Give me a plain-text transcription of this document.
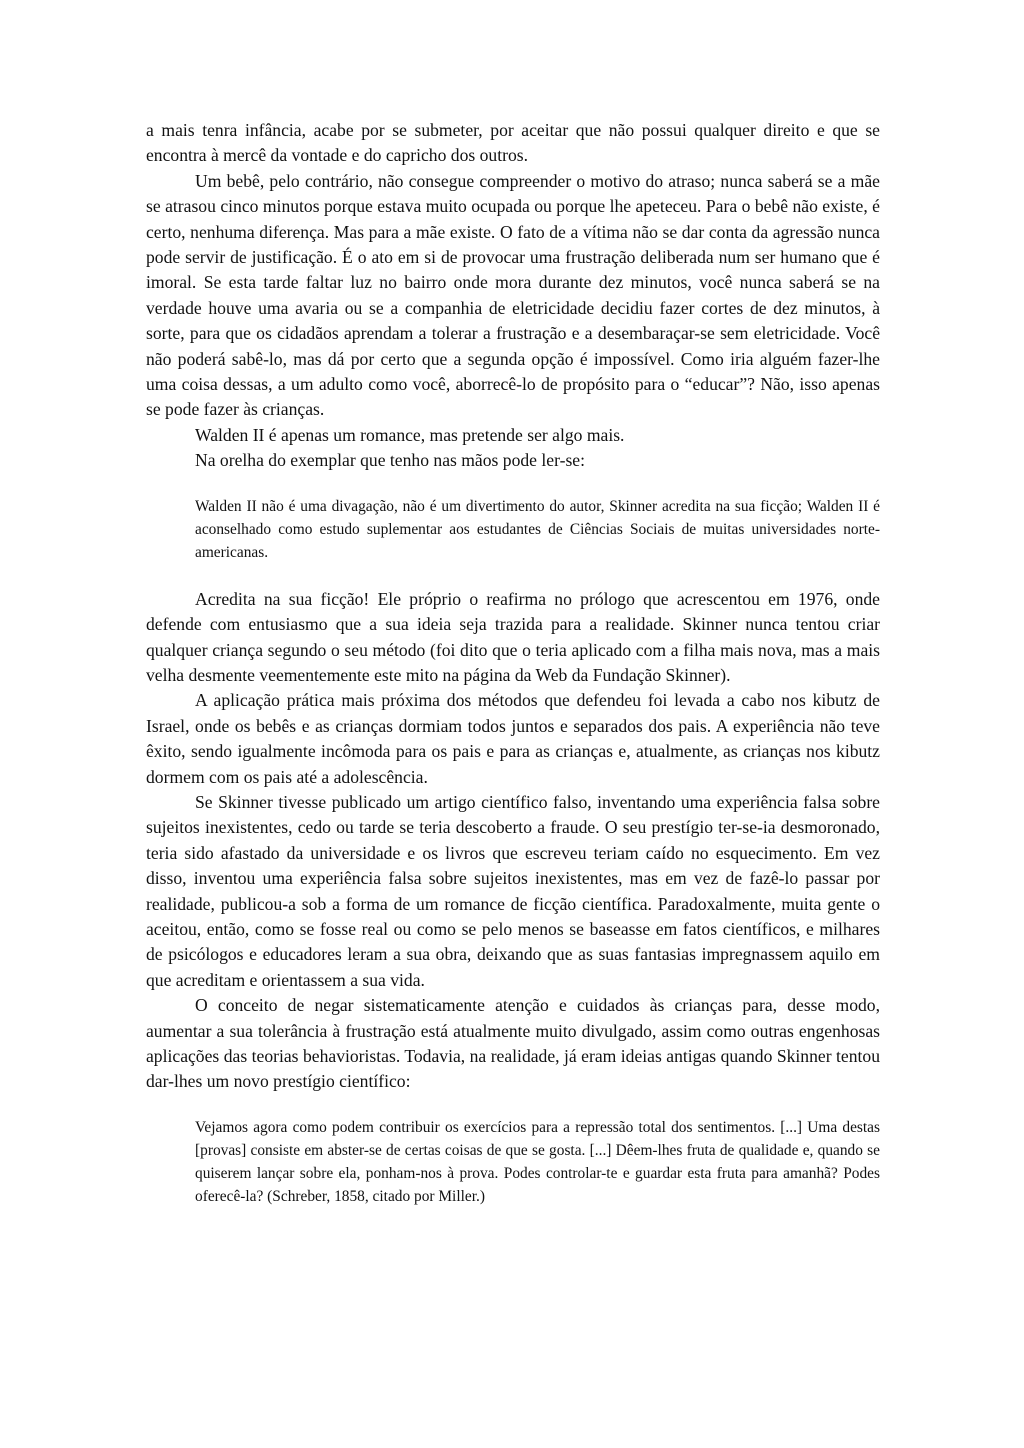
a mais tenra infância, acabe por se submeter, por aceitar que não possui qualquer direito e que se encontra à mercê da vontade e do capricho dos outros.

Um bebê, pelo contrário, não consegue compreender o motivo do atraso; nunca saberá se a mãe se atrasou cinco minutos porque estava muito ocupada ou porque lhe apeteceu. Para o bebê não existe, é certo, nenhuma diferença. Mas para a mãe existe. O fato de a vítima não se dar conta da agressão nunca pode servir de justificação. É o ato em si de provocar uma frustração deliberada num ser humano que é imoral. Se esta tarde faltar luz no bairro onde mora durante dez minutos, você nunca saberá se na verdade houve uma avaria ou se a companhia de eletricidade decidiu fazer cortes de dez minutos, à sorte, para que os cidadãos aprendam a tolerar a frustração e a desembaraçar-se sem eletricidade. Você não poderá sabê-lo, mas dá por certo que a segunda opção é impossível. Como iria alguém fazer-lhe uma coisa dessas, a um adulto como você, aborrecê-lo de propósito para o “educar”? Não, isso apenas se pode fazer às crianças.

Walden II é apenas um romance, mas pretende ser algo mais.

Na orelha do exemplar que tenho nas mãos pode ler-se:

Walden II não é uma divagação, não é um divertimento do autor, Skinner acredita na sua ficção; Walden II é aconselhado como estudo suplementar aos estudantes de Ciências Sociais de muitas universidades norte-americanas.

Acredita na sua ficção! Ele próprio o reafirma no prólogo que acrescentou em 1976, onde defende com entusiasmo que a sua ideia seja trazida para a realidade. Skinner nunca tentou criar qualquer criança segundo o seu método (foi dito que o teria aplicado com a filha mais nova, mas a mais velha desmente veementemente este mito na página da Web da Fundação Skinner).

A aplicação prática mais próxima dos métodos que defendeu foi levada a cabo nos kibutz de Israel, onde os bebês e as crianças dormiam todos juntos e separados dos pais. A experiência não teve êxito, sendo igualmente incômoda para os pais e para as crianças e, atualmente, as crianças nos kibutz dormem com os pais até a adolescência.

Se Skinner tivesse publicado um artigo científico falso, inventando uma experiência falsa sobre sujeitos inexistentes, cedo ou tarde se teria descoberto a fraude. O seu prestígio ter-se-ia desmoronado, teria sido afastado da universidade e os livros que escreveu teriam caído no esquecimento. Em vez disso, inventou uma experiência falsa sobre sujeitos inexistentes, mas em vez de fazê-lo passar por realidade, publicou-a sob a forma de um romance de ficção científica. Paradoxalmente, muita gente o aceitou, então, como se fosse real ou como se pelo menos se baseasse em fatos científicos, e milhares de psicólogos e educadores leram a sua obra, deixando que as suas fantasias impregnassem aquilo em que acreditam e orientassem a sua vida.

O conceito de negar sistematicamente atenção e cuidados às crianças para, desse modo, aumentar a sua tolerância à frustração está atualmente muito divulgado, assim como outras engenhosas aplicações das teorias behavioristas. Todavia, na realidade, já eram ideias antigas quando Skinner tentou dar-lhes um novo prestígio científico:

Vejamos agora como podem contribuir os exercícios para a repressão total dos sentimentos. [...] Uma destas [provas] consiste em abster-se de certas coisas de que se gosta. [...] Dêem-lhes fruta de qualidade e, quando se quiserem lançar sobre ela, ponham-nos à prova. Podes controlar-te e guardar esta fruta para amanhã? Podes oferecê-la? (Schreber, 1858, citado por Miller.)
